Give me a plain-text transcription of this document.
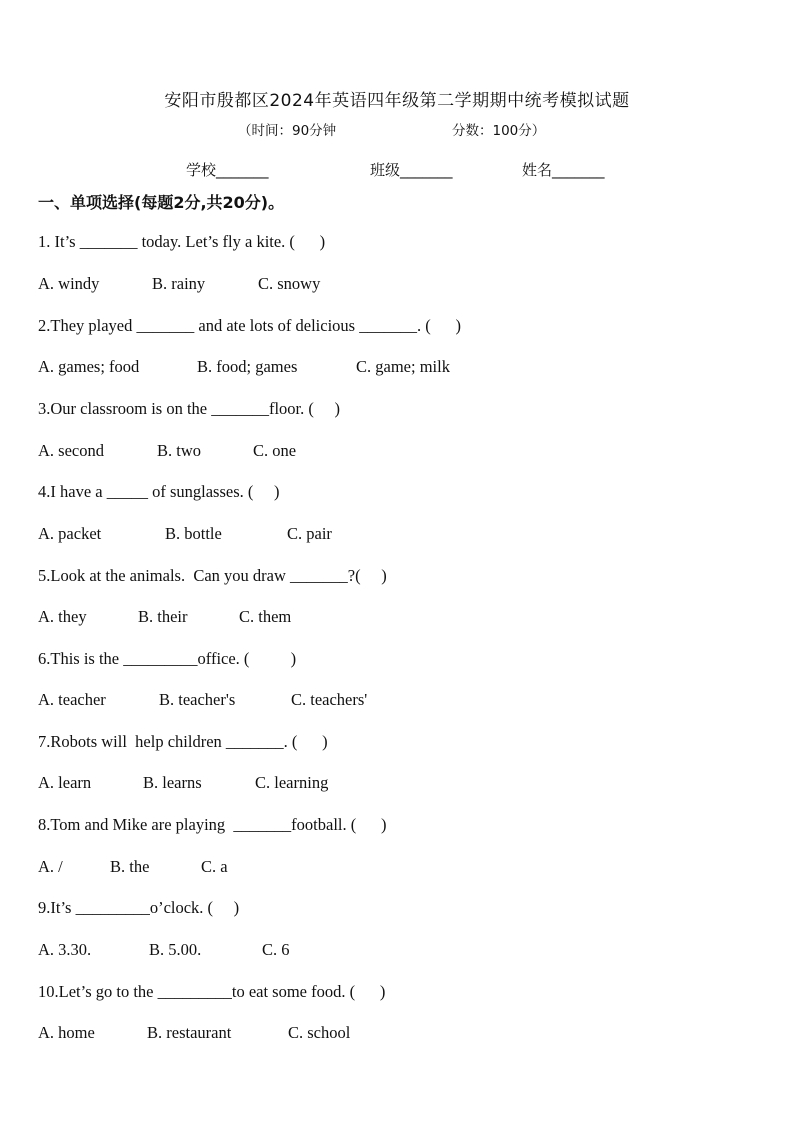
安阳市殷都区2024年英语四年级第二学期期中统考模拟试题
（时间：90分钟	分数：100分）
学校_______	班级_______	姓名_______
一、单项选择(每题2分,共20分)。
1. It’s _______ today. Let’s fly a kite. (      )
A. windy	B. rainy	C. snowy
2.They played _______ and ate lots of delicious _______. (      )
A. games; food	B. food; games	C. game; milk
3.Our classroom is on the _______floor. (     )
A. second	B. two	C. one
4.I have a _____ of sunglasses. (     )
A. packet	B. bottle	C. pair
5.Look at the animals.  Can you draw _______?(     )
A. they	B. their	C. them
6.This is the _________office. (          )
A. teacher	B. teacher's	C. teachers'
7.Robots will  help children _______. (      )
A. learn	B. learns	C. learning
8.Tom and Mike are playing  _______football. (      )
A. /	B. the	C. a
9.It’s _________o’clock. (     )
A. 3.30.	B. 5.00.	C. 6
10.Let’s go to the _________to eat some food. (      )
A. home	B. restaurant	C. school
